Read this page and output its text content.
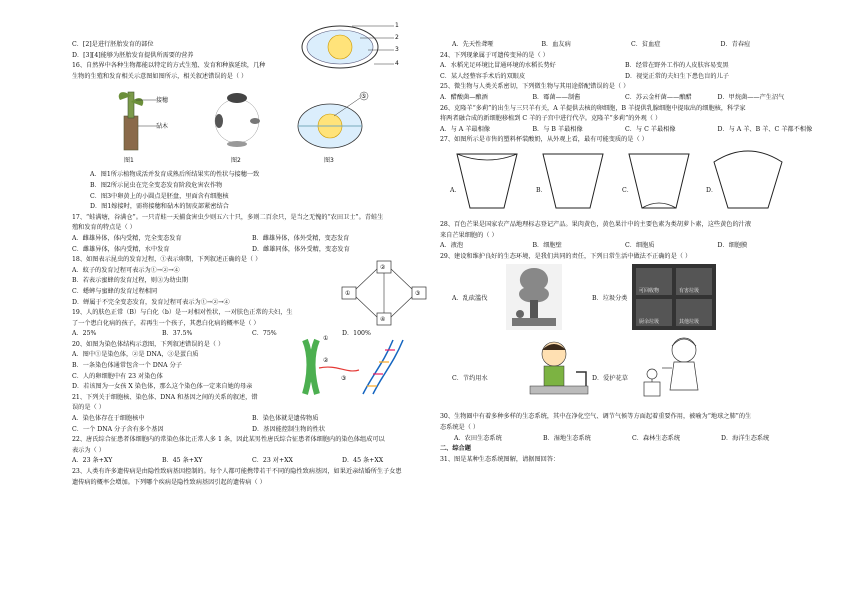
1
2
3
4
C．[2]是进行胚胎发育的部位
D．[3][4]能够为胚胎发育提供所需要的营养
16、自然界中各种生物都能以特定的方式生殖、发育和种族延续，几种
生物的生殖和发育相关示意图如图所示，相关叙述错误的是（ ）
接穗
砧木
图1	图2
⑤
图3
A．图1所示植物成活并发育成熟后所结果实的性状与接穗一致
B．图2所示昆虫在完全变态发育阶段危害农作物
C．图3中卵黄上的小圆点是胚盘，里面含有细胞核
D．图1嫁接时，需将接穗和砧木的韧皮部紧密结合
17、“蛙满塘，谷满仓”。一只青蛙一天捕食害虫少则五六十只，多则二百余只，是当之无愧的“农田卫士”。青蛙生
殖和发育的特点是（ ）
A．雌雄异体，体内受精，完全变态发育	B．雌雄异体，体外受精，变态发育
C．雌雄异体，体内受精，水中发育	D．雌雄同体，体外受精，变态发育
18、如图表示昆虫的发育过程，①表示卵期，下列叙述正确的是（ ）
A．蚊子的发育过程可表示为①→②→④
B．若表示蜜蜂的发育过程，则③为幼虫期
C．蟋蟀与蜜蜂的发育过程相同
D．蝉属于不完全变态发育，发育过程可表示为①→②→④
①
②
③
④
19、人的肤色正常（B）与白化（b）是一对相对性状，一对肤色正常的夫妇，生
了一个患白化病的孩子，若再生一个孩子，其患白化病的概率是（ ）
A．25%	B．37.5%	C．75%	D．100%
20、如图为染色体结构示意图，下列叙述错误的是（ ）
A．图中①是染色体，②是 DNA，③是蛋白质
B．一条染色体通常包含一个 DNA 分子
C．人的卵细胞中有 23 对染色体
D．若该图为一女孩 X 染色体，那么这个染色体一定来自她的母亲
21、下列关于细胞核、染色体、DNA 和基因之间的关系的叙述，错
误的是（ ）
①
②
③
A．染色体存在于细胞核中	B．染色体就是遗传物质
C．一个 DNA 分子含有多个基因	D．基因能控制生物的性状
22、唐氏综合征患者体细胞内的常染色体比正常人多 1 条，因此某男性唐氏综合征患者体细胞内的染色体组成可以
表示为（ ）
A．23 条+XY	B．45 条+XY	C．23 对+XX	D．45 条+XX
23、人类有许多遗传病是由隐性致病基因控制的。每个人都可能携带若干不同的隐性致病基因，如果近亲结婚所生子女患
遗传病的概率会增加。下列哪个疾病是隐性致病基因引起的遗传病（ ）
A．先天性聋哑	B．血友病	C．贫血症	D．青春痘
24、下列现象属于可遗传变异的是（ ）
A．水稻光足环境比冒通环境的水稻长势好	B．经常在野外工作的人皮肤容易变黑
C．某人经整容手术后的双眼皮	D．视觉正常的夫妇生下患色盲的儿子
25、微生物与人类关系密切，下列微生物与其用途搭配错误的是（ ）
A．醋酸菌—酿酒	B．霉菌——制酱	C．苏云金杆菌——酿醋	D．甲烷菌——产生沼气
26、克隆羊“多莉”的出生与三只羊有关，A 羊提供去核的卵细胞，B 羊提供乳腺细胞中提取出的细胞核，科学家
将两者融合成的新细胞移植到 C 羊的子宫中进行代孕。克隆羊“多莉”的外观（ ）
A．与 A 羊最相像	B．与 B 羊最相像	C．与 C 羊最相像	D．与 A 羊、B 羊、C 羊都不相像
27、如图所示是市售的塑料杯装酸奶，从外观上看，最有可能变质的是（ ）
A．	B．	C．	D．
28、百色芒果是国家农产品地理标志登记产品。果肉黄色，黄色果汁中的主要色素为类胡萝卜素，这些黄色的汁液
来自芒果细胞的（ ）
A．液泡	B．细胞壁	C．细胞质	D．细胞膜
29、建设和维护良好的生态环境，是我们共同的责任，下列日常生活中做法不正确的是（ ）
A．乱砍滥伐	B．垃圾分类
可回收物	有害垃圾
厨余垃圾	其他垃圾
C．节约用水	D．爱护花草
30、生物圈中有着多种多样的生态系统，其中在净化空气、调节气候等方面起着重要作用，被喻为“地球之肺”的生
态系统是（ ）
A．农田生态系统	B．湿地生态系统	C．森林生态系统	D．海洋生态系统
二、综合题
31、图是某种生态系统图解，请据图回答：
